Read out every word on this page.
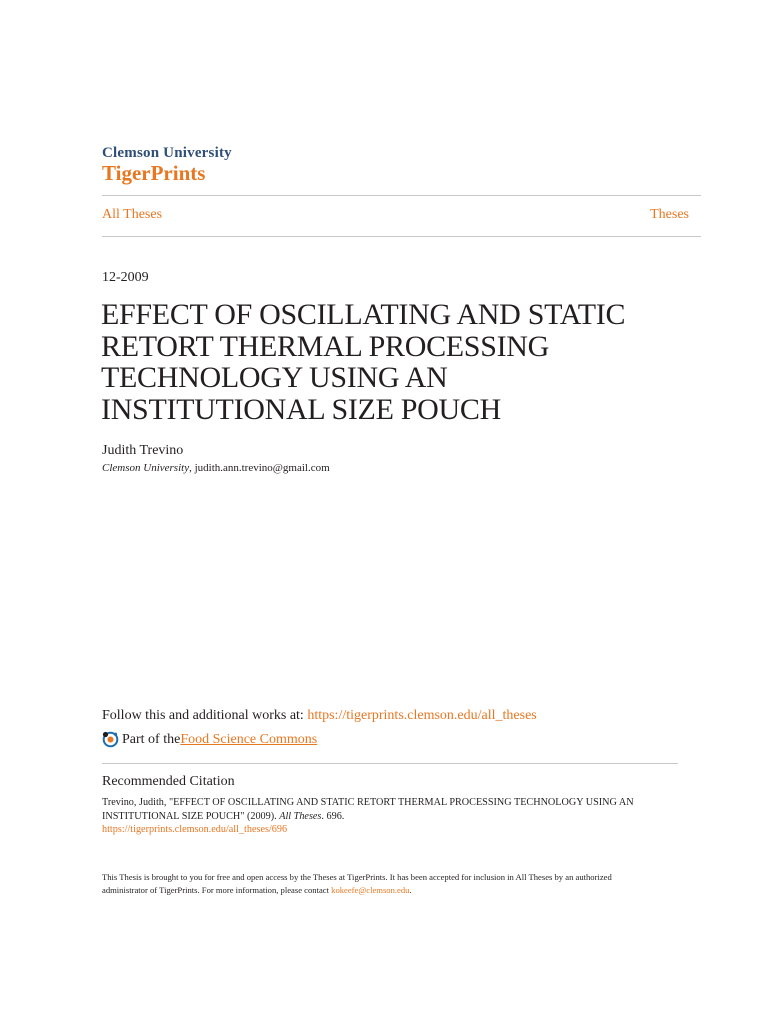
Clemson University
TigerPrints
All Theses	Theses
12-2009
EFFECT OF OSCILLATING AND STATIC
RETORT THERMAL PROCESSING
TECHNOLOGY USING AN
INSTITUTIONAL SIZE POUCH
Judith Trevino
Clemson University, judith.ann.trevino@gmail.com
Follow this and additional works at: https://tigerprints.clemson.edu/all_theses
Part of the Food Science Commons
Recommended Citation
Trevino, Judith, "EFFECT OF OSCILLATING AND STATIC RETORT THERMAL PROCESSING TECHNOLOGY USING AN
INSTITUTIONAL SIZE POUCH" (2009). All Theses. 696.
https://tigerprints.clemson.edu/all_theses/696
This Thesis is brought to you for free and open access by the Theses at TigerPrints. It has been accepted for inclusion in All Theses by an authorized
administrator of TigerPrints. For more information, please contact kokeefe@clemson.edu.
